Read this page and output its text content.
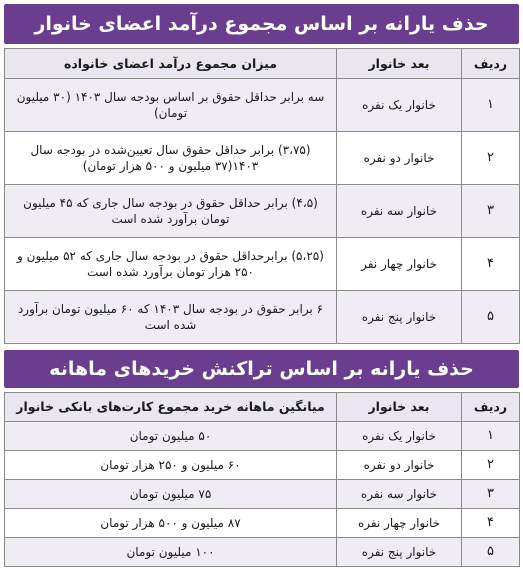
حذف یارانه بر اساس مجموع درآمد اعضای خانوار
ردیف	بعد خانوار	میزان مجموع درآمد اعضای خانواده
۱	خانوار یک نفره	سه برابر حداقل حقوق بر اساس بودجه سال ۱۴۰۳ (۳۰ میلیون تومان)
۲	خانوار دو نفره	(۳،۷۵) برابر حداقل حقوق سال تعیین‌شده در بودجه سال ۱۴۰۳(۳۷ میلیون و ۵۰۰ هزار تومان)
۳	خانوار سه نفره	(۴،۵) برابر حداقل حقوق در بودجه سال جاری که ۴۵ میلیون تومان برآورد شده است
۴	خانوار چهار نفر	(۵،۲۵) برابرحداقل حقوق در بودجه سال جاری که ۵۲ میلیون و ۲۵۰ هزار تومان برآورد شده است
۵	خانوار پنج نفره	۶ برابر حقوق در بودجه سال ۱۴۰۳ که ۶۰ میلیون تومان برآورد شده است
حذف یارانه بر اساس تراکنش خریدهای ماهانه
ردیف	بعد خانوار	میانگین ماهانه خرید مجموع کارت‌های بانکی خانوار
۱	خانوار یک نفره	۵۰ میلیون تومان
۲	خانوار دو نفره	۶۰ میلیون و ۲۵۰ هزار تومان
۳	خانوار سه نفره	۷۵ میلیون تومان
۴	خانوار چهار نفره	۸۷ میلیون و ۵۰۰ هزار تومان
۵	خانوار پنج نفره	۱۰۰ میلیون تومان
